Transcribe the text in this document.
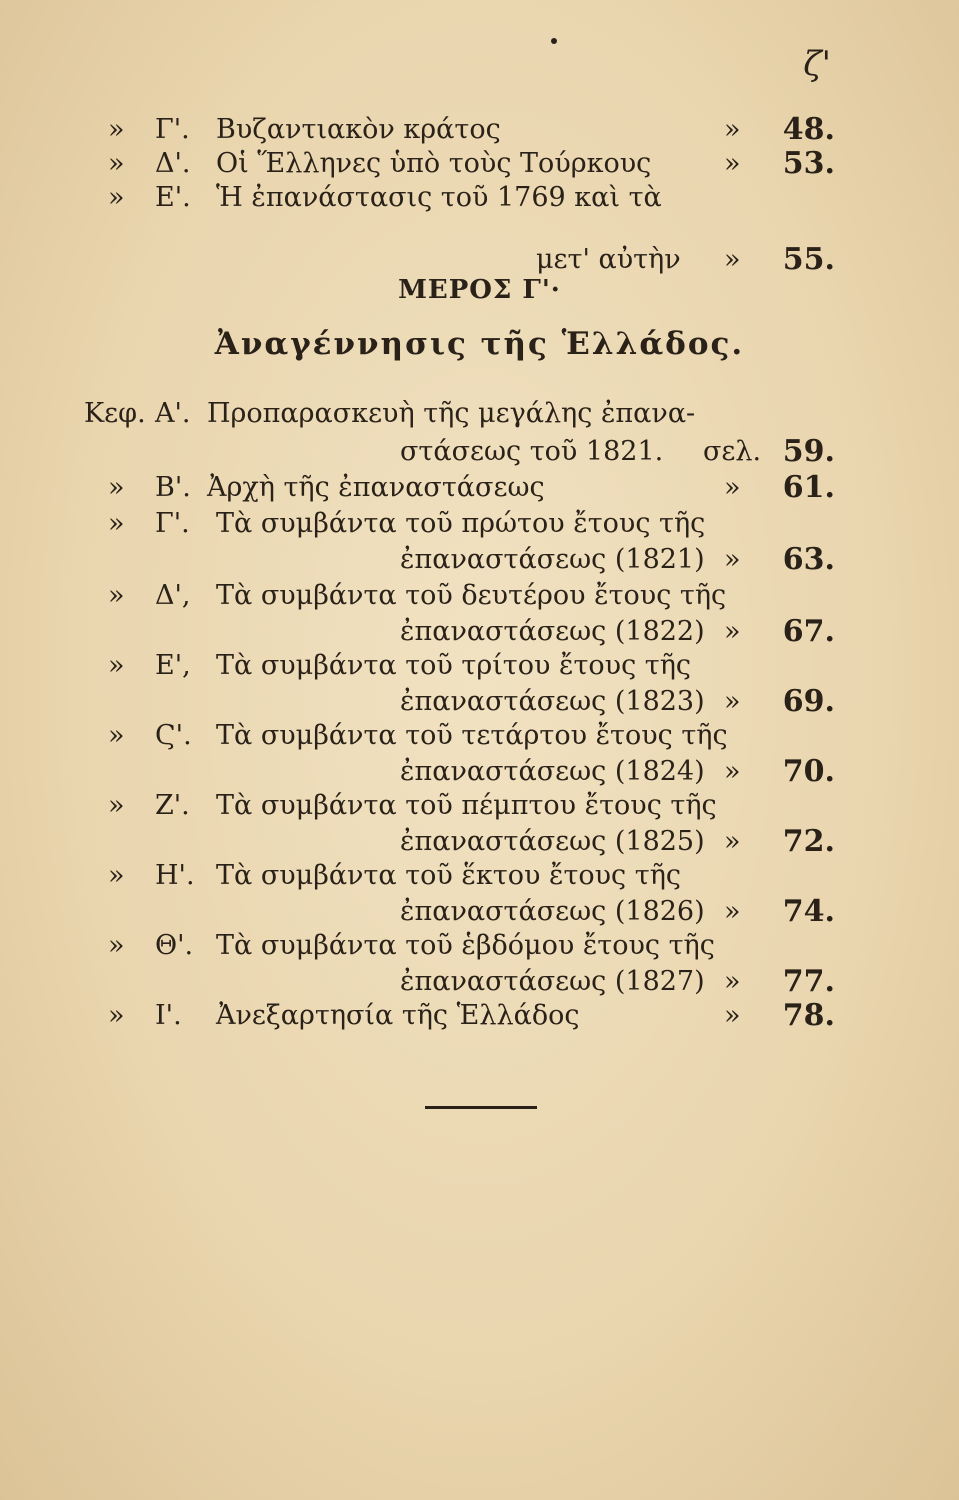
ζ'
» Γ'. Βυζαντιακὸν κράτος	» 48.
» Δ'. Οἱ Ἕλληνες ὑπὸ τοὺς Τούρκους	» 53.
» Ε'. Ἡ ἐπανάστασις τοῦ 1769 καὶ τὰ
μετ' αὐτὴν » 55.
ΜΕΡΟΣ Γ'·
Ἀναγέννησις τῆς Ἑλλάδος.
Κεφ. Α'. Προπαρασκευὴ τῆς μεγάλης ἐπανα-
στάσεως τοῦ 1821. σελ. 59.
» Β'. Ἀρχὴ τῆς ἐπαναστάσεως	» 61.
» Γ'. Τὰ συμβάντα τοῦ πρώτου ἔτους τῆς
ἐπαναστάσεως (1821) » 63.
» Δ', Τὰ συμβάντα τοῦ δευτέρου ἔτους τῆς
ἐπαναστάσεως (1822) » 67.
» Ε', Τὰ συμβάντα τοῦ τρίτου ἔτους τῆς
ἐπαναστάσεως (1823) » 69.
» Ϛ'. Τὰ συμβάντα τοῦ τετάρτου ἔτους τῆς
ἐπαναστάσεως (1824) » 70.
» Ζ'. Τὰ συμβάντα τοῦ πέμπτου ἔτους τῆς
ἐπαναστάσεως (1825) » 72.
» Η'. Τὰ συμβάντα τοῦ ἕκτου ἔτους τῆς
ἐπαναστάσεως (1826) » 74.
» Θ'. Τὰ συμβάντα τοῦ ἑβδόμου ἔτους τῆς
ἐπαναστάσεως (1827) » 77.
» Ι'. Ἀνεξαρτησία τῆς Ἑλλάδος	» 78.
